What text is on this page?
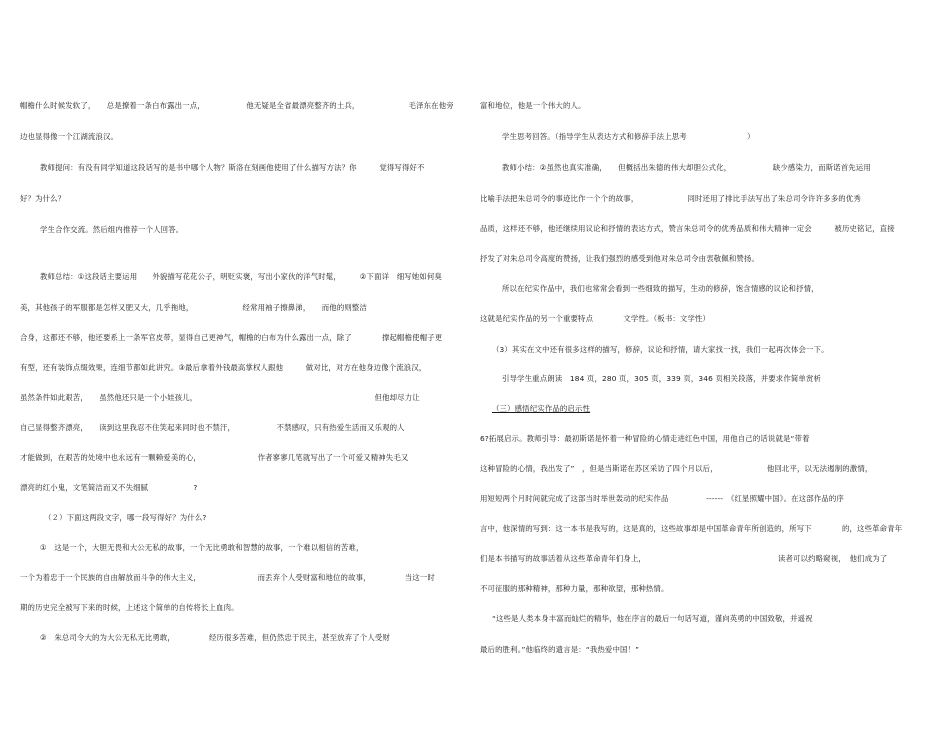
帽檐什么时候发软了，　　总是撩着一条白布露出一点，　　　　　　他无疑是全省最漂亮整齐的土兵，　　　　　　　毛泽东在他旁
边也显得像一个江湖流浪汉。
教师提问：有没有同学知道这段话写的是书中哪个人物？斯洛在刻画他使用了什么描写方法？你　　　觉得写得好不
好？为什么？
学生合作交流。然后组内推荐一个人回答。
教师总结：①这段话主要运用　　外貌描写花花公子，明贬实褒，写出小家伙的洋气时髦，　　　②下面详　细写她如何臭
美，其他孩子的军服都是怎样又肥又大，几乎拖地，　　　　　　　经常用袖子擦鼻涕，　　而他的则整洁
合身，这都还不够，他还要系上一条军官皮带，显得自己更神气，帽檐的白布为什么露出一点，除了　　　　撑起帽檐使帽子更
有型，还有装饰点缀效果，连细节都如此讲究。③最后拿着外钱最高掌权人跟他　　　做对比，对方在他身边像个流浪汉，
虽然条件如此艰苦，　　虽然他还只是一个小娃孩儿，　　　　　　　　　　　　　　　　　　　　　　　　但他却尽力让
自己显得整齐漂亮，　　读到这里我忍不住笑起来同时也不禁汗，　　　　　　不禁感叹，只有热爱生活而又乐观的人
才能做到，在艰苦的处境中也永远有一颗赖爱美的心，　　　　　　　　作者寥寥几笔就写出了一个可爱又精神失毛又
漂亮的红小鬼，文笔简洁而又不失细腻　　　　　　?
（２）下面这两段文字，哪一段写得好？为什么?
①　这是一个，大胆无畏和大公无私的故事，一个无比勇敢和智慧的故事，一个难以相信的苦难，
一个为着忠于一个民族的自由解放而斗争的伟大主义，　　　　　　　　而丢弃个人受财富和地位的故事，　　　　　当这一时
期的历史完全被写下来的时候，上述这个简单的自传将长上血肉。
②　朱总司令大的为大公无私无比勇敢，　　　　　经历很多苦难，但仍然忠于民主，甚至放弃了个人受财
富和地位，他是一个伟大的人。
学生思考回答。（指导学生从表达方式和修辞手法上思考　　　　　　　　）
教师小结：②虽然也真实准确，　　但概括出朱德的伟大却胆公式化，　　　　　　缺少感染力，而斯诺首先运用
比喻手法把朱总司令的事迹比作一个个的故事，　　　　　　　同时还用了排比手法写出了朱总司令许许多多的优秀
品质，这样还不够，他还继续用议论和抒情的表达方式，赞言朱总司令的优秀品质和伟大精神一定会　　　被历史铭记，直接
抒发了对朱总司令高度的赞扬，让我们强烈的感受到他对朱总司令由衷敬佩和赞扬。
所以在纪实作品中，我们也常常会看到一些细致的描写，生动的修辞，饱含情感的议论和抒情，
这就是纪实作品的另一个重要特点　　　　文学性。（板书：文学性）
（3）其实在文中还有很多这样的描写，修辞，议论和抒情，请大家找一找，我们一起再次体会一下。
引导学生重点朗读　184 页，280 页，305 页，339 页，346 页相关段落，并要求作简单赏析
（三）感悟纪实作品的启示性
6?拓展启示。教师引导：最初斯诺是怀着一种冒险的心情走进红色中国，用他自己的话说就是“带着
这种冒险的心情，我出发了”　，但是当斯诺在苏区采访了四个月以后，　　　　　　　他回北平，以无法遏制的激情，
用短短两个月时间就完成了这部当时举世轰动的纪实作品　　　　　------　《红星照耀中国》。在这部作品的序
言中，他深情的写到：这一本书是我写的，这是真的，这些故事却是中国革命青年所创造的，所写下　　　　的，这些革命青年
们是本书描写的故事活着从这些革命青年们身上，　　　　　　　　　　　　　　　　　　读者可以约略窥视，　他们成为了
不可征服的那种精神，那种力量，那种欲望，那种热情。
“这些是人类本身丰富而灿烂的精华，他在序言的最后一句话写道，谨向英勇的中国致敬，并遥祝
最后的胜利。”他临终的遗言是：“我热爱中国！”
